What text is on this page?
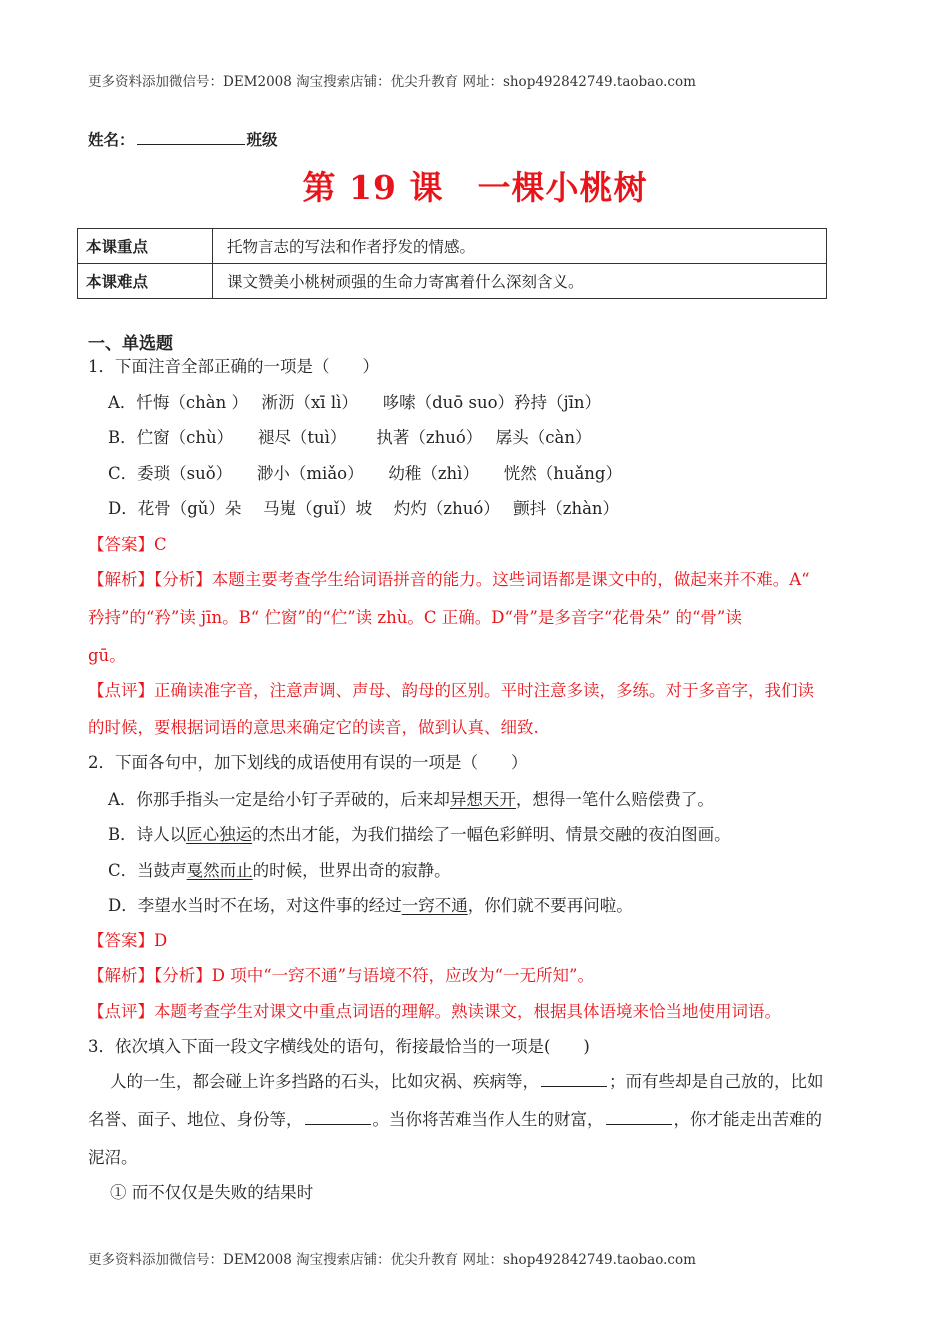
更多资料添加微信号：DEM2008 淘宝搜索店铺：优尖升教育 网址：shop492842749.taobao.com
姓名：	班级
第 19 课　一棵小桃树
本课重点	托物言志的写法和作者抒发的情感。
本课难点	课文赞美小桃树顽强的生命力寄寓着什么深刻含义。
一、单选题
1．下面注音全部正确的一项是（　　）
A．忏悔（chàn ）　 淅沥（xī lì）　　哆嗦（duō suo）矜持（jīn）
B．伫窗（chù）　　褪尽（tuì）　　 执著（zhuó）　 孱头（càn）
C．委琐（suǒ）　　渺小（miǎo）　　幼稚（zhì）　　恍然（huǎng）
D．花骨（gǔ）朵　 马嵬（guǐ）坡　 灼灼（zhuó）　 颤抖（zhàn）
【答案】C
【解析】【分析】本题主要考查学生给词语拼音的能力。这些词语都是课文中的，做起来并不难。A“
矜持”的“矜”读 jīn。B“ 伫窗”的“伫”读 zhù。C 正确。D“骨”是多音字“花骨朵” 的“骨”读
gū。
【点评】正确读准字音，注意声调、声母、韵母的区别。平时注意多读，多练。对于多音字，我们读
的时候，要根据词语的意思来确定它的读音，做到认真、细致.
2．下面各句中，加下划线的成语使用有误的一项是（　　）
A．你那手指头一定是给小钉子弄破的，后来却异想天开，想得一笔什么赔偿费了。
B．诗人以匠心独运的杰出才能，为我们描绘了一幅色彩鲜明、情景交融的夜泊图画。
C．当鼓声戛然而止的时候，世界出奇的寂静。
D．李望水当时不在场，对这件事的经过一窍不通，你们就不要再问啦。
【答案】D
【解析】【分析】D 项中“一窍不通”与语境不符，应改为“一无所知”。
【点评】本题考查学生对课文中重点词语的理解。熟读课文，根据具体语境来恰当地使用词语。
3．依次填入下面一段文字横线处的语句，衔接最恰当的一项是(　　)
人的一生，都会碰上许多挡路的石头，比如灾祸、疾病等，	；而有些却是自己放的，比如
名誉、面子、地位、身份等，	。当你将苦难当作人生的财富，	，你才能走出苦难的
泥沼。
① 而不仅仅是失败的结果时
更多资料添加微信号：DEM2008 淘宝搜索店铺：优尖升教育 网址：shop492842749.taobao.com
